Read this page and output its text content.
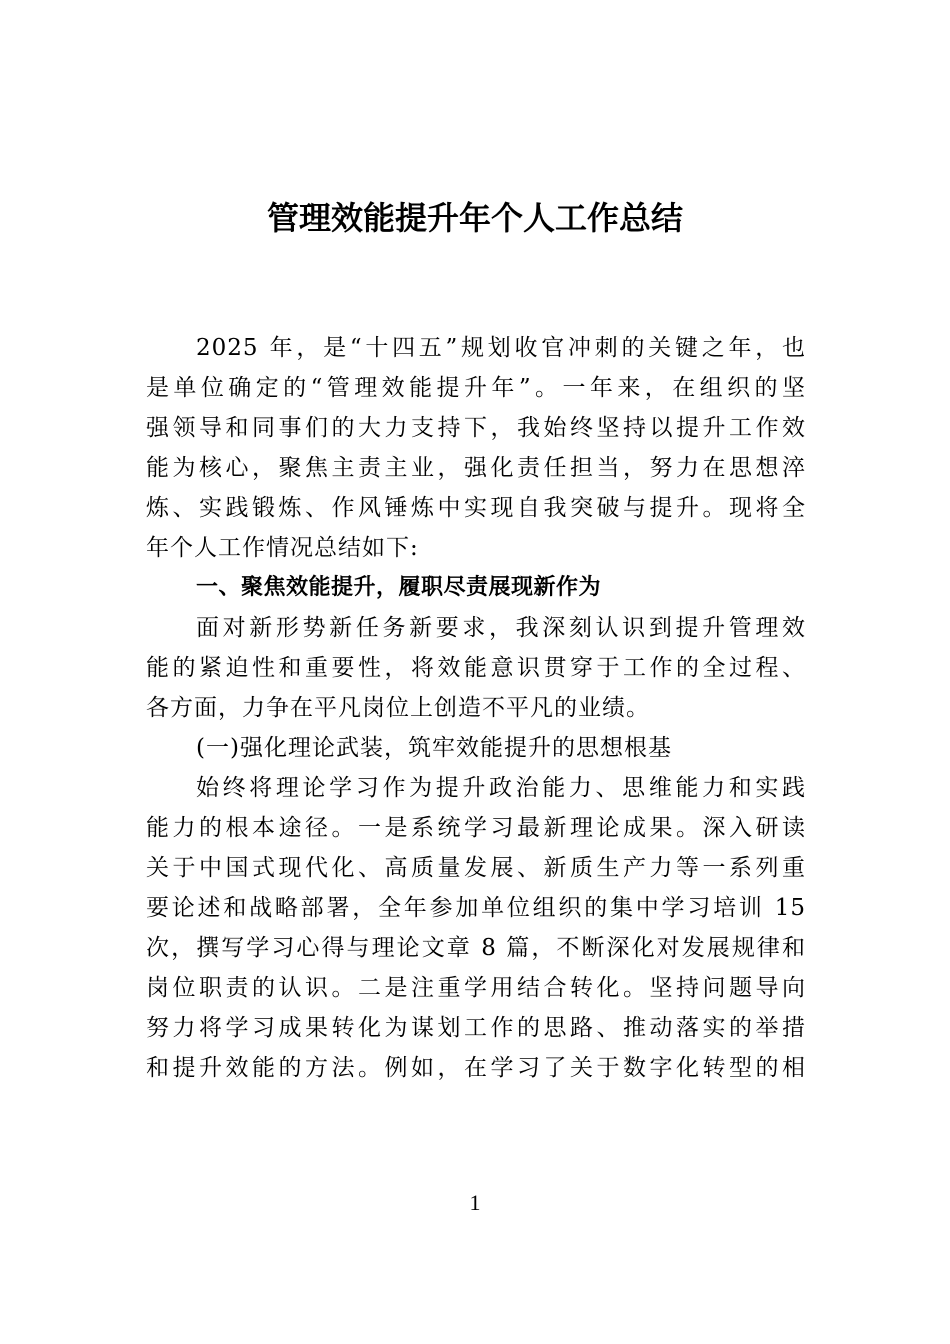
管理效能提升年个人工作总结
2025 年，是“十四五”规划收官冲刺的关键之年，也
是单位确定的“管理效能提升年”。一年来，在组织的坚
强领导和同事们的大力支持下，我始终坚持以提升工作效
能为核心，聚焦主责主业，强化责任担当，努力在思想淬
炼、实践锻炼、作风锤炼中实现自我突破与提升。现将全
年个人工作情况总结如下:
一、聚焦效能提升，履职尽责展现新作为
面对新形势新任务新要求，我深刻认识到提升管理效
能的紧迫性和重要性，将效能意识贯穿于工作的全过程、
各方面，力争在平凡岗位上创造不平凡的业绩。
(一)强化理论武装，筑牢效能提升的思想根基
始终将理论学习作为提升政治能力、思维能力和实践
能力的根本途径。一是系统学习最新理论成果。深入研读
关于中国式现代化、高质量发展、新质生产力等一系列重
要论述和战略部署，全年参加单位组织的集中学习培训 15
次，撰写学习心得与理论文章 8 篇，不断深化对发展规律和
岗位职责的认识。二是注重学用结合转化。坚持问题导向
努力将学习成果转化为谋划工作的思路、推动落实的举措
和提升效能的方法。例如，在学习了关于数字化转型的相
1
